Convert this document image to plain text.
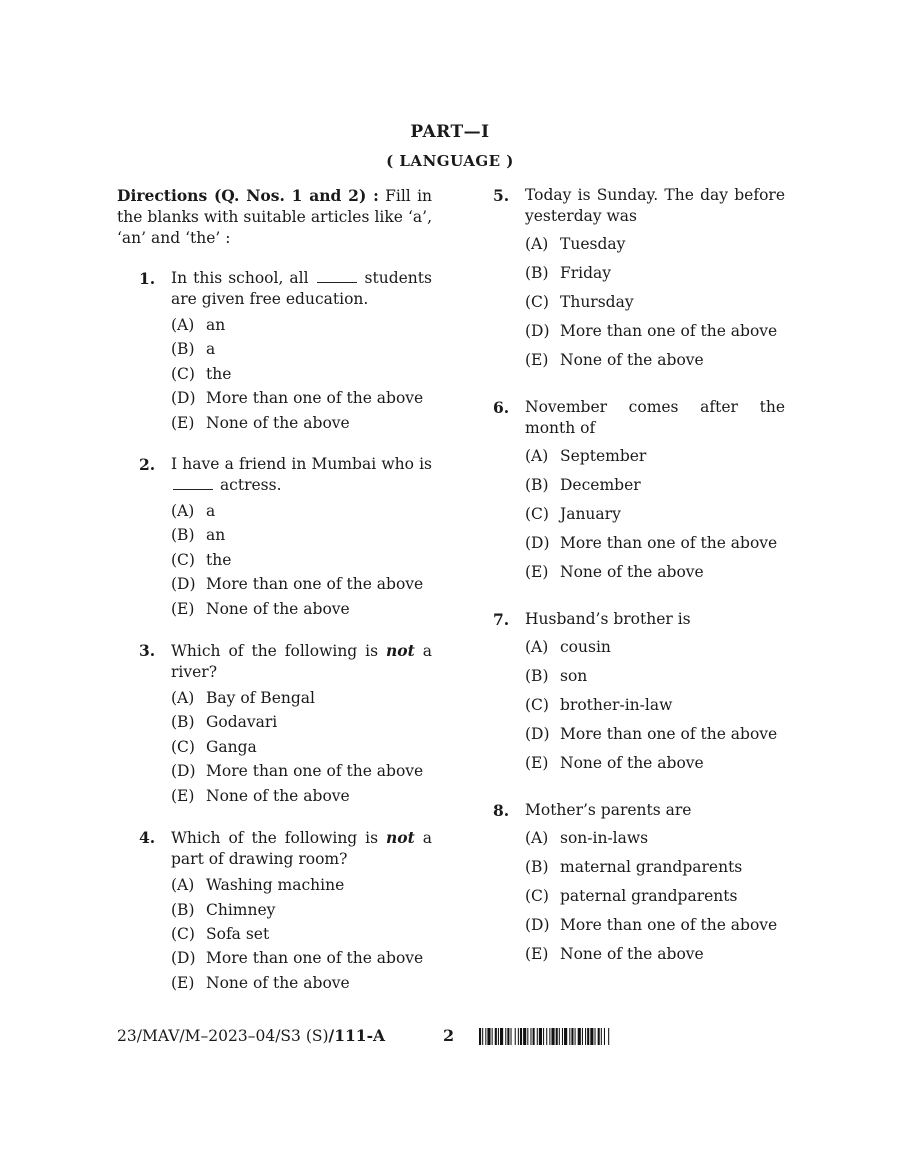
PART—I
( LANGUAGE )
Directions (Q. Nos. 1 and 2) : Fill in the blanks with suitable articles like ‘a’, ‘an’ and ‘the’ :
1. In this school, all	students are given free education.
(A) an
(B) a
(C) the
(D) More than one of the above
(E) None of the above
2. I have a friend in Mumbai who is  actress.
(A) a
(B) an
(C) the
(D) More than one of the above
(E) None of the above
3. Which of the following is not a river?
(A) Bay of Bengal
(B) Godavari
(C) Ganga
(D) More than one of the above
(E) None of the above
4. Which of the following is not a part of drawing room?
(A) Washing machine
(B) Chimney
(C) Sofa set
(D) More than one of the above
(E) None of the above
5. Today is Sunday. The day before yesterday was
(A) Tuesday
(B) Friday
(C) Thursday
(D) More than one of the above
(E) None of the above
6. November comes after the
month of
(A) September
(B) December
(C) January
(D) More than one of the above
(E) None of the above
7. Husband’s brother is
(A) cousin
(B) son
(C) brother-in-law
(D) More than one of the above
(E) None of the above
8. Mother’s parents are
(A) son-in-laws
(B) maternal grandparents
(C) paternal grandparents
(D) More than one of the above
(E) None of the above
23/MAV/M–2023–04/S3 (S)/111-A	2
